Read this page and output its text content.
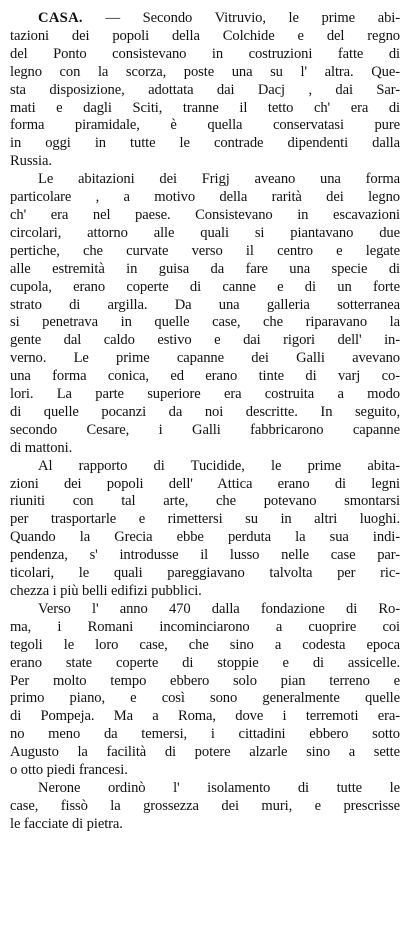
CASA. — Secondo Vitruvio, le prime abi-
tazioni dei popoli della Colchide e del regno
del Ponto consistevano in costruzioni fatte di
legno con la scorza, poste una su l' altra. Que-
sta disposizione, adottata dai Dacj , dai Sar-
mati e dagli Sciti, tranne il tetto ch' era di
forma piramidale, è quella conservatasi pure
in oggi in tutte le contrade dipendenti dalla
Russia.
Le abitazioni dei Frigj aveano una forma
particolare , a motivo della rarità dei legno
ch' era nel paese. Consistevano in escavazioni
circolari, attorno alle quali si piantavano due
pertiche, che curvate verso il centro e legate
alle estremità in guisa da fare una specie di
cupola, erano coperte di canne e di un forte
strato di argilla. Da una galleria sotterranea
si penetrava in quelle case, che riparavano la
gente dal caldo estivo e dai rigori dell' in-
verno. Le prime capanne dei Galli avevano
una forma conica, ed erano tinte di varj co-
lori. La parte superiore era costruita a modo
di quelle pocanzi da noi descritte. In seguito,
secondo Cesare, i Galli fabbricarono capanne
di mattoni.
Al rapporto di Tucidide, le prime abita-
zioni dei popoli dell' Attica erano di legni
riuniti con tal arte, che potevano smontarsi
per trasportarle e rimettersi su in altri luoghi.
Quando la Grecia ebbe perduta la sua indi-
pendenza, s' introdusse il lusso nelle case par-
ticolari, le quali pareggiavano talvolta per ric-
chezza i più belli edifizi pubblici.
Verso l' anno 470 dalla fondazione di Ro-
ma, i Romani incominciarono a cuoprire coi
tegoli le loro case, che sino a codesta epoca
erano state coperte di stoppie e di assicelle.
Per molto tempo ebbero solo pian terreno e
primo piano, e così sono generalmente quelle
di Pompeja. Ma a Roma, dove i terremoti era-
no meno da temersi, i cittadini ebbero sotto
Augusto la facilità di potere alzarle sino a sette
o otto piedi francesi.
Nerone ordinò l' isolamento di tutte le
case, fissò la grossezza dei muri, e prescrisse
le facciate di pietra.
